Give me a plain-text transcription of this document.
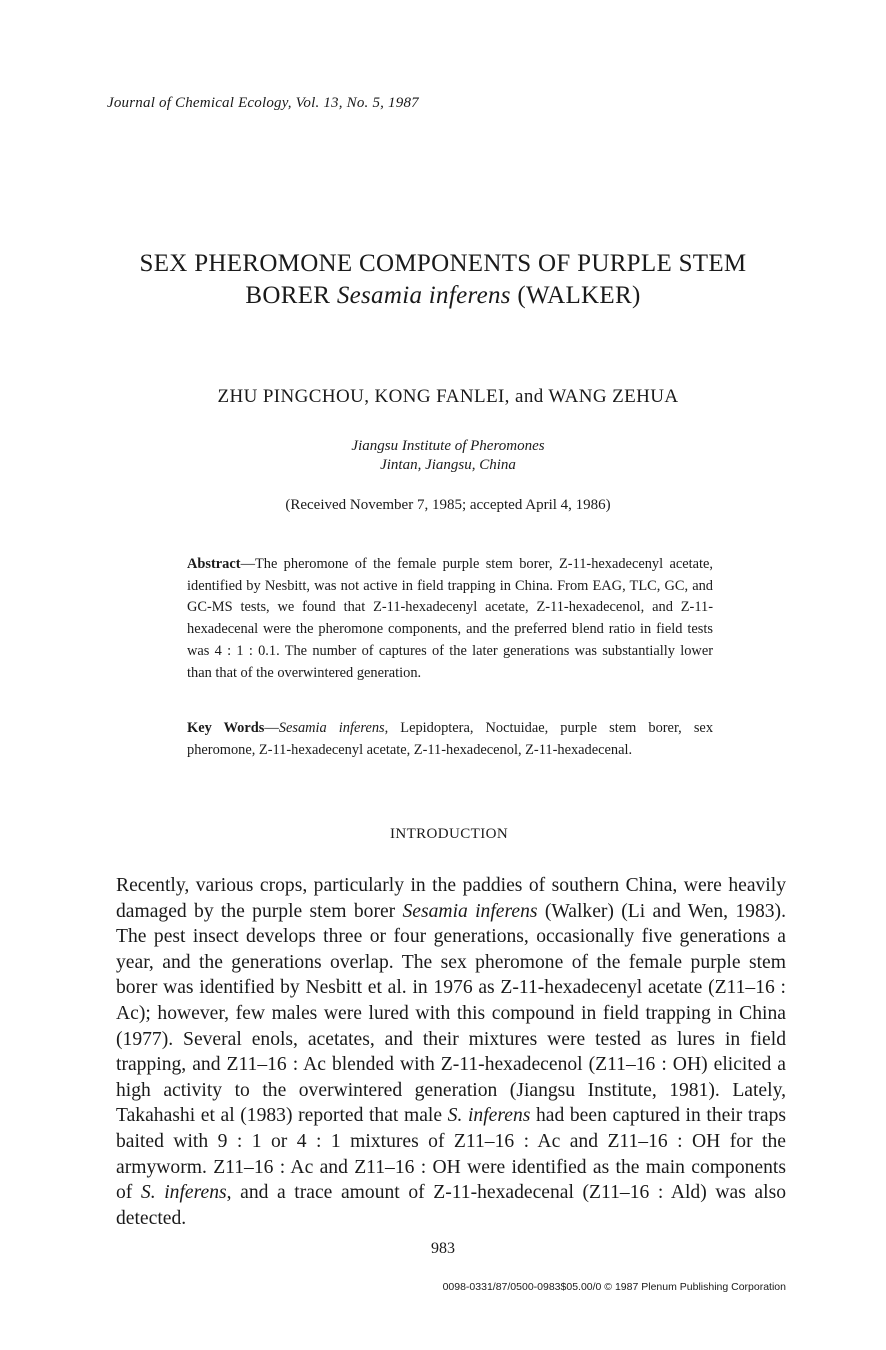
Journal of Chemical Ecology, Vol. 13, No. 5, 1987
SEX PHEROMONE COMPONENTS OF PURPLE STEM
BORER Sesamia inferens (WALKER)
ZHU PINGCHOU, KONG FANLEI, and WANG ZEHUA
Jiangsu Institute of Pheromones
Jintan, Jiangsu, China
(Received November 7, 1985; accepted April 4, 1986)
Abstract—The pheromone of the female purple stem borer, Z-11-hexadecenyl acetate, identified by Nesbitt, was not active in field trapping in China. From EAG, TLC, GC, and GC-MS tests, we found that Z-11-hexadecenyl acetate, Z-11-hexadecenol, and Z-11-hexadecenal were the pheromone components, and the preferred blend ratio in field tests was 4 : 1 : 0.1. The number of captures of the later generations was substantially lower than that of the overwintered generation.
Key Words—Sesamia inferens, Lepidoptera, Noctuidae, purple stem borer, sex pheromone, Z-11-hexadecenyl acetate, Z-11-hexadecenol, Z-11-hexadecenal.
INTRODUCTION
Recently, various crops, particularly in the paddies of southern China, were heavily damaged by the purple stem borer Sesamia inferens (Walker) (Li and Wen, 1983). The pest insect develops three or four generations, occasionally five generations a year, and the generations overlap. The sex pheromone of the female purple stem borer was identified by Nesbitt et al. in 1976 as Z-11-hexadecenyl acetate (Z11–16 : Ac); however, few males were lured with this compound in field trapping in China (1977). Several enols, acetates, and their mixtures were tested as lures in field trapping, and Z11–16 : Ac blended with Z-11-hexadecenol (Z11–16 : OH) elicited a high activity to the overwintered generation (Jiangsu Institute, 1981). Lately, Takahashi et al (1983) reported that male S. inferens had been captured in their traps baited with 9 : 1 or 4 : 1 mixtures of Z11–16 : Ac and Z11–16 : OH for the armyworm. Z11–16 : Ac and Z11–16 : OH were identified as the main components of S. inferens, and a trace amount of Z-11-hexadecenal (Z11–16 : Ald) was also detected.
983
0098-0331/87/0500-0983$05.00/0 © 1987 Plenum Publishing Corporation
